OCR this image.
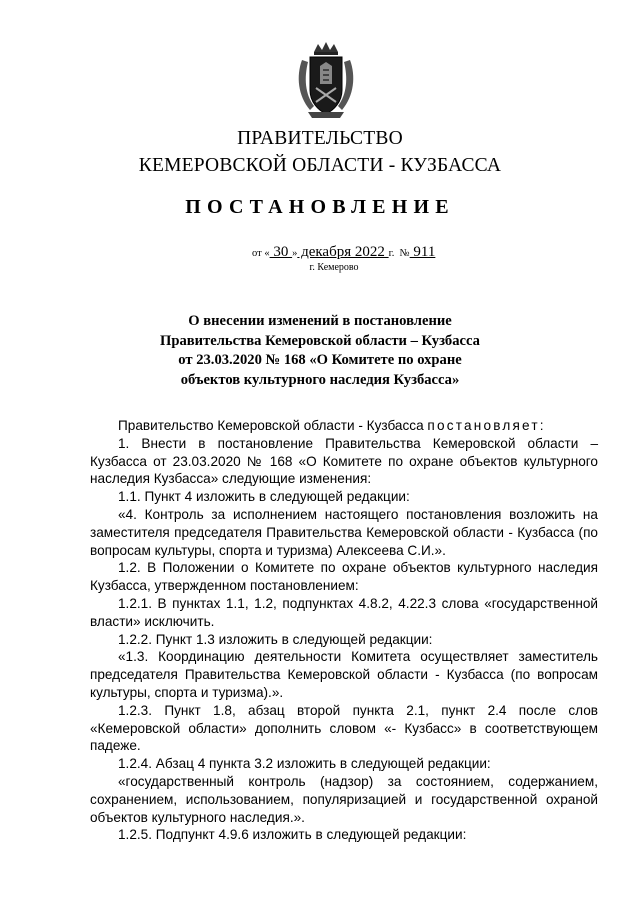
ПРАВИТЕЛЬСТВО
КЕМЕРОВСКОЙ ОБЛАСТИ - КУЗБАССА
ПОСТАНОВЛЕНИЕ
от « 30 » декабря 2022 г. № 911
г. Кемерово
О внесении изменений в постановление
Правительства Кемеровской области – Кузбасса
от 23.03.2020 № 168 «О Комитете по охране
объектов культурного наследия Кузбасса»

Правительство Кемеровской области - Кузбасса постановляет:

1. Внести в постановление Правительства Кемеровской области – Кузбасса от 23.03.2020 № 168 «О Комитете по охране объектов культурного наследия Кузбасса» следующие изменения:

1.1. Пункт 4 изложить в следующей редакции:

«4. Контроль за исполнением настоящего постановления возложить на заместителя председателя Правительства Кемеровской области - Кузбасса (по вопросам культуры, спорта и туризма) Алексеева С.И.».

1.2. В Положении о Комитете по охране объектов культурного наследия Кузбасса, утвержденном постановлением:

1.2.1. В пунктах 1.1, 1.2, подпунктах 4.8.2, 4.22.3 слова «государственной власти» исключить.

1.2.2. Пункт 1.3 изложить в следующей редакции:

«1.3. Координацию деятельности Комитета осуществляет заместитель председателя Правительства Кемеровской области - Кузбасса (по вопросам культуры, спорта и туризма).».

1.2.3. Пункт 1.8, абзац второй пункта 2.1, пункт 2.4 после слов «Кемеровской области» дополнить словом «- Кузбасс» в соответствующем падеже.

1.2.4. Абзац 4 пункта 3.2 изложить в следующей редакции:

«государственный контроль (надзор) за состоянием, содержанием, сохранением, использованием, популяризацией и государственной охраной объектов культурного наследия.».

1.2.5. Подпункт 4.9.6 изложить в следующей редакции:
